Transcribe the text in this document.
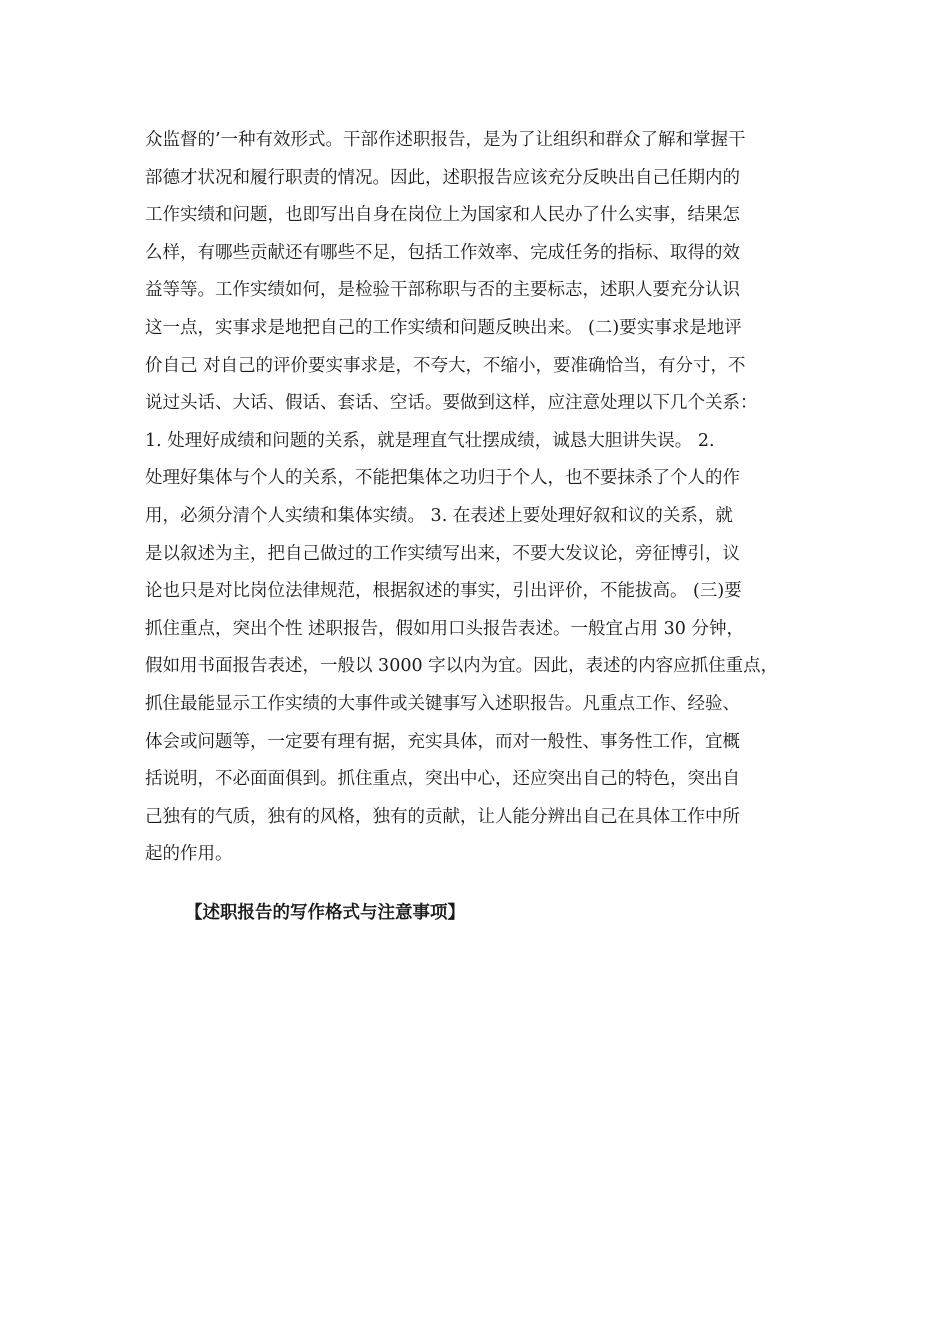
众监督的’一种有效形式。干部作述职报告，是为了让组织和群众了解和掌握干
部德才状况和履行职责的情况。因此，述职报告应该充分反映出自己任期内的
工作实绩和问题，也即写出自身在岗位上为国家和人民办了什么实事，结果怎
么样，有哪些贡献还有哪些不足，包括工作效率、完成任务的指标、取得的效
益等等。工作实绩如何，是检验干部称职与否的主要标志，述职人要充分认识
这一点，实事求是地把自己的工作实绩和问题反映出来。 (二)要实事求是地评
价自己 对自己的评价要实事求是，不夸大，不缩小，要准确恰当，有分寸，不
说过头话、大话、假话、套话、空话。要做到这样，应注意处理以下几个关系：
1. 处理好成绩和问题的关系，就是理直气壮摆成绩，诚恳大胆讲失误。 2.
处理好集体与个人的关系，不能把集体之功归于个人，也不要抹杀了个人的作
用，必须分清个人实绩和集体实绩。 3. 在表述上要处理好叙和议的关系，就
是以叙述为主，把自己做过的工作实绩写出来，不要大发议论，旁征博引，议
论也只是对比岗位法律规范，根据叙述的事实，引出评价，不能拔高。 (三)要
抓住重点，突出个性 述职报告，假如用口头报告表述。一般宜占用 30 分钟，
假如用书面报告表述，一般以 3000 字以内为宜。因此，表述的内容应抓住重点，
抓住最能显示工作实绩的大事件或关键事写入述职报告。凡重点工作、经验、
体会或问题等，一定要有理有据，充实具体，而对一般性、事务性工作，宜概
括说明，不必面面俱到。抓住重点，突出中心，还应突出自己的特色，突出自
己独有的气质，独有的风格，独有的贡献，让人能分辨出自己在具体工作中所
起的作用。
【述职报告的写作格式与注意事项】
